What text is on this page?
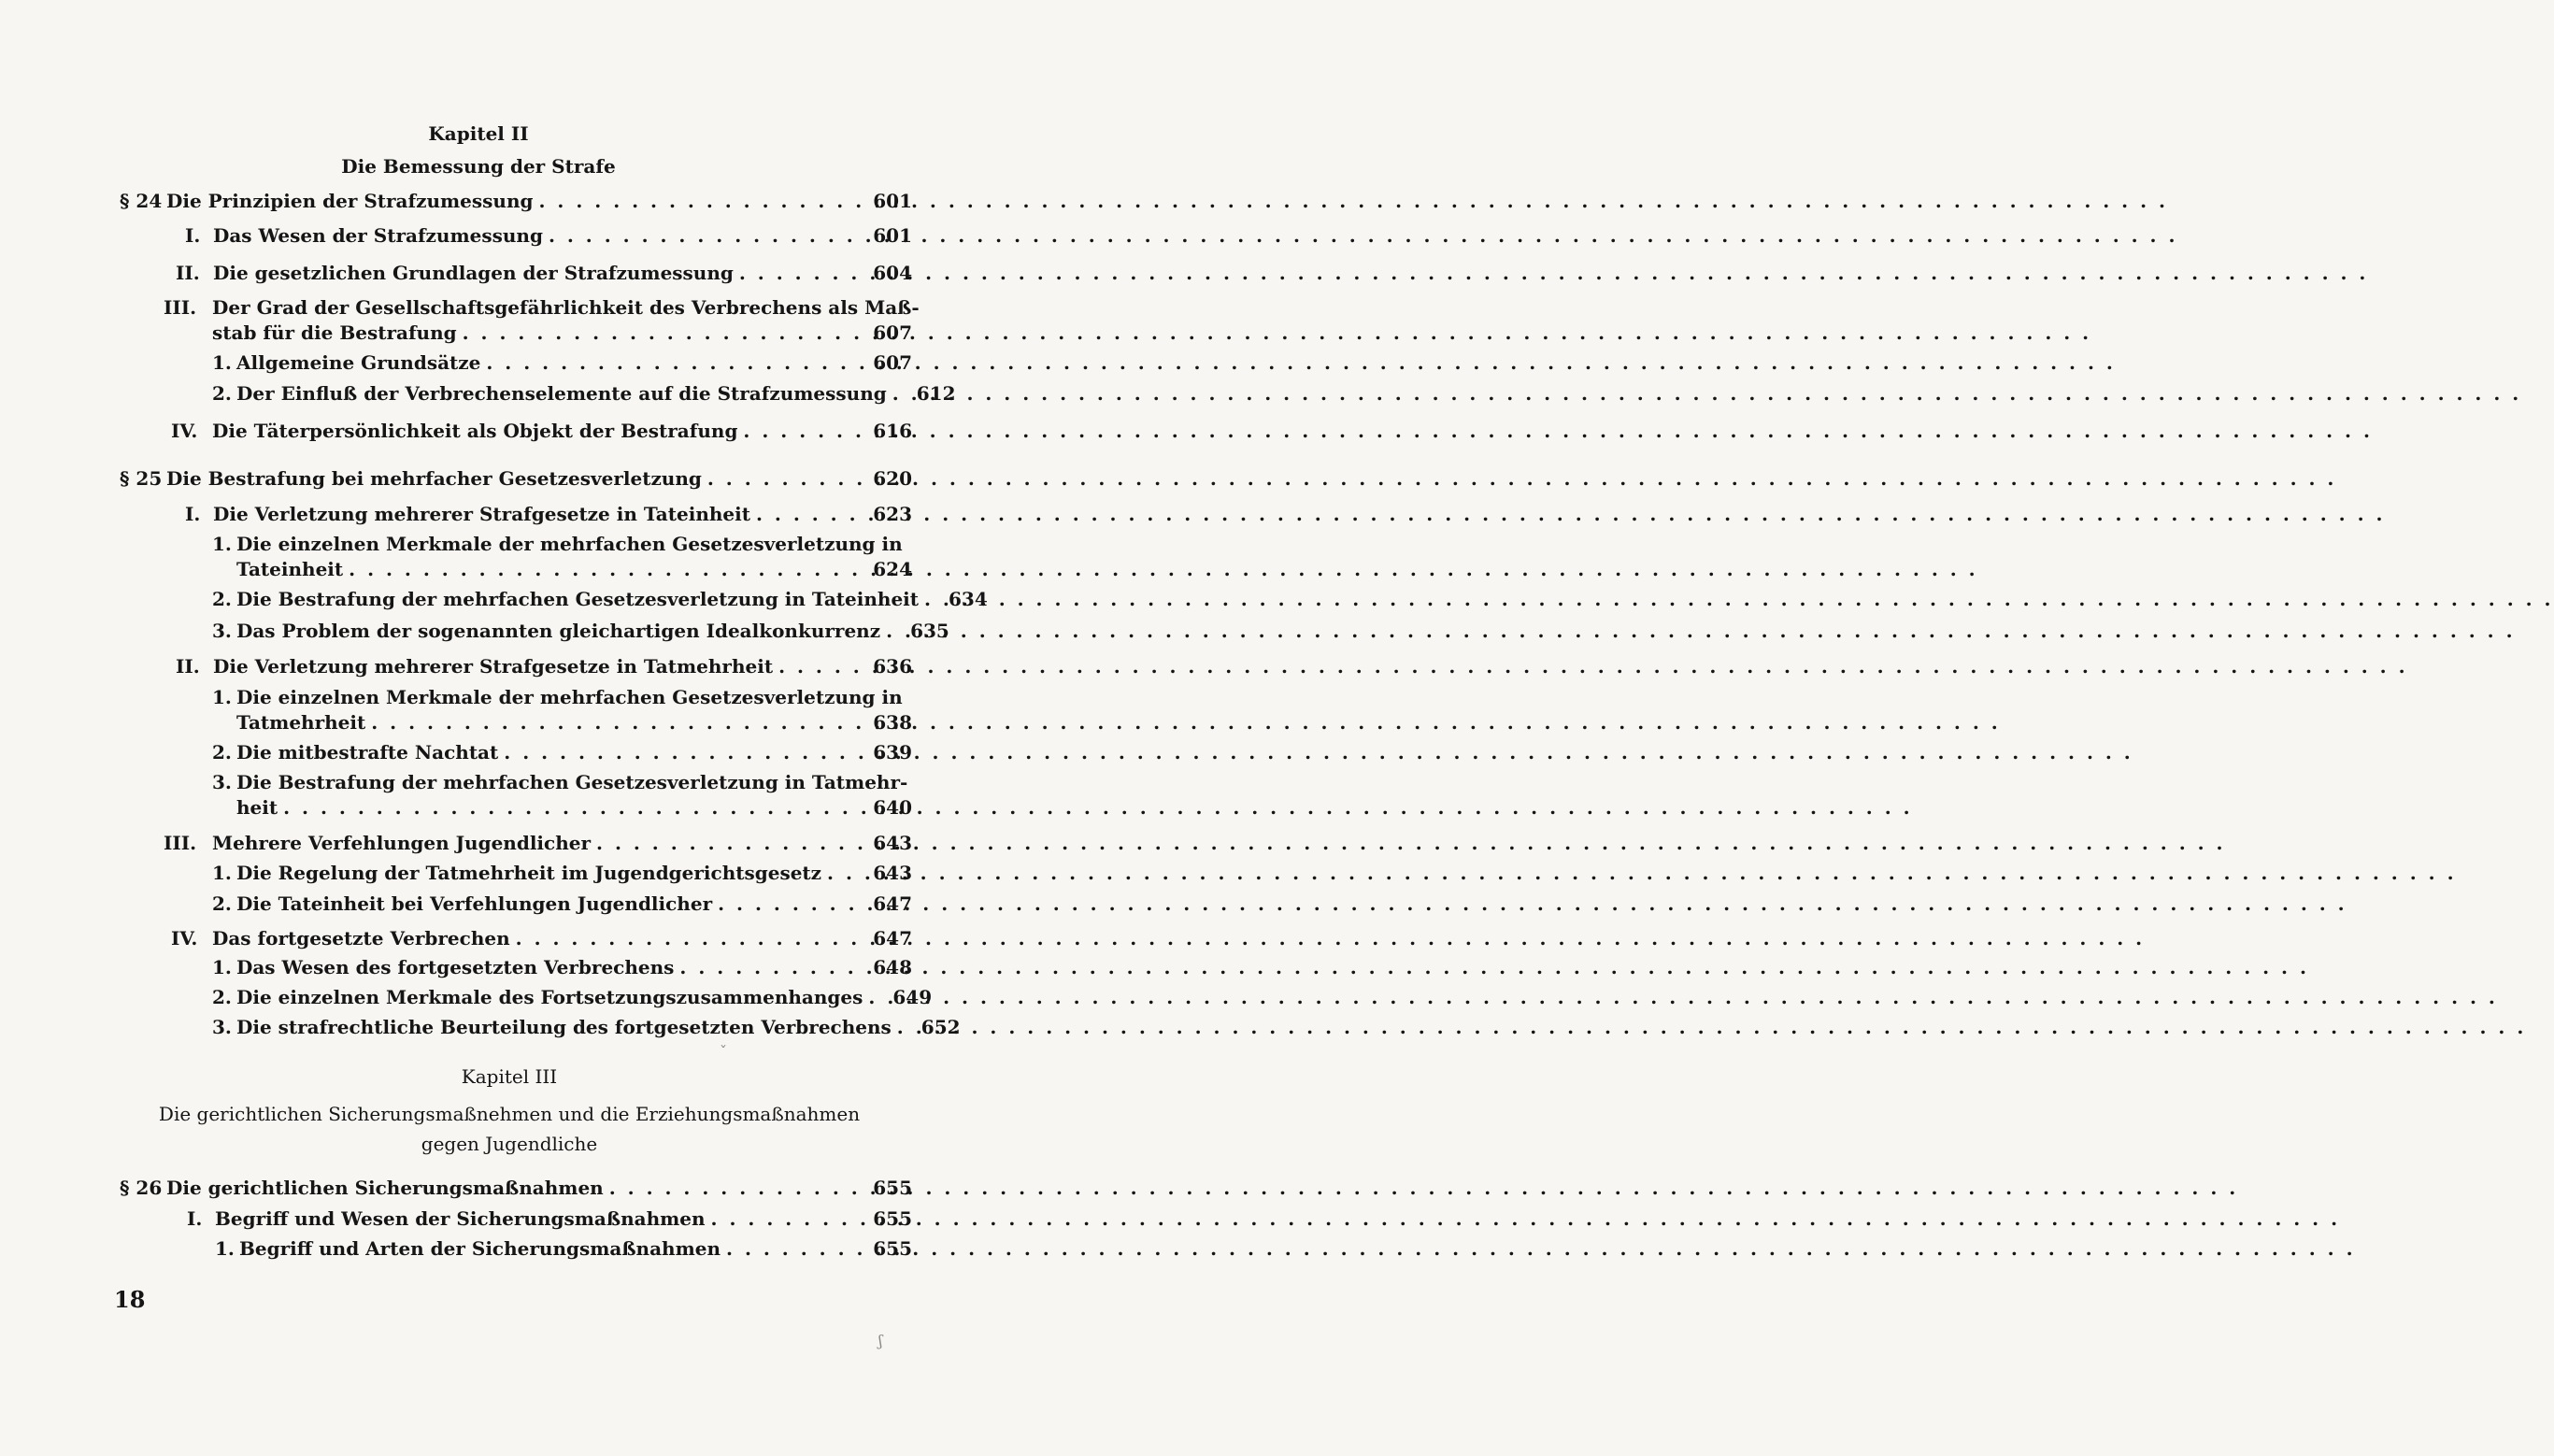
Kapitel II
Die Bemessung der Strafe
§ 24 Die Prinzipien der Strafzumessung . . .	601
I. Das Wesen der Strafzumessung . . .	601
II. Die gesetzlichen Grundlagen der Strafzumessung . . .	604
III. Der Grad der Gesellschaftsgefährlichkeit des Verbrechens als Maß-
stab für die Bestrafung . . .	607
1. Allgemeine Grundsätze . . .	607
2. Der Einfluß der Verbrechenselemente auf die Strafzumessung . . . 612
IV. Die Täterpersönlichkeit als Objekt der Bestrafung . . .	616
§ 25 Die Bestrafung bei mehrfacher Gesetzesverletzung . . .	620
I. Die Verletzung mehrerer Strafgesetze in Tateinheit . . .	623
1. Die einzelnen Merkmale der mehrfachen Gesetzesverletzung in
Tateinheit . . .	624
2. Die Bestrafung der mehrfachen Gesetzesverletzung in Tateinheit . . . 634
3. Das Problem der sogenannten gleichartigen Idealkonkurrenz . . . 635
II. Die Verletzung mehrerer Strafgesetze in Tatmehrheit . . .	636
1. Die einzelnen Merkmale der mehrfachen Gesetzesverletzung in
Tatmehrheit . . .	638
2. Die mitbestrafte Nachtat . . .	639
3. Die Bestrafung der mehrfachen Gesetzesverletzung in Tatmehr-
heit . . .	640
III. Mehrere Verfehlungen Jugendlicher . . .	643
1. Die Regelung der Tatmehrheit im Jugendgerichtsgesetz . . .	643
2. Die Tateinheit bei Verfehlungen Jugendlicher . . .	647
IV. Das fortgesetzte Verbrechen . . .	647
1. Das Wesen des fortgesetzten Verbrechens . . .	648
2. Die einzelnen Merkmale des Fortsetzungszusammenhanges . . . 649
3. Die strafrechtliche Beurteilung des fortgesetzten Verbrechens . . . 652
ˇ
Kapitel III
Die gerichtlichen Sicherungsmaßnehmen und die Erziehungsmaßnahmen
gegen Jugendliche
§ 26 Die gerichtlichen Sicherungsmaßnahmen . . .	655
I. Begriff und Wesen der Sicherungsmaßnahmen . . .	655
1. Begriff und Arten der Sicherungsmaßnahmen . . .	655
18
ʃ
